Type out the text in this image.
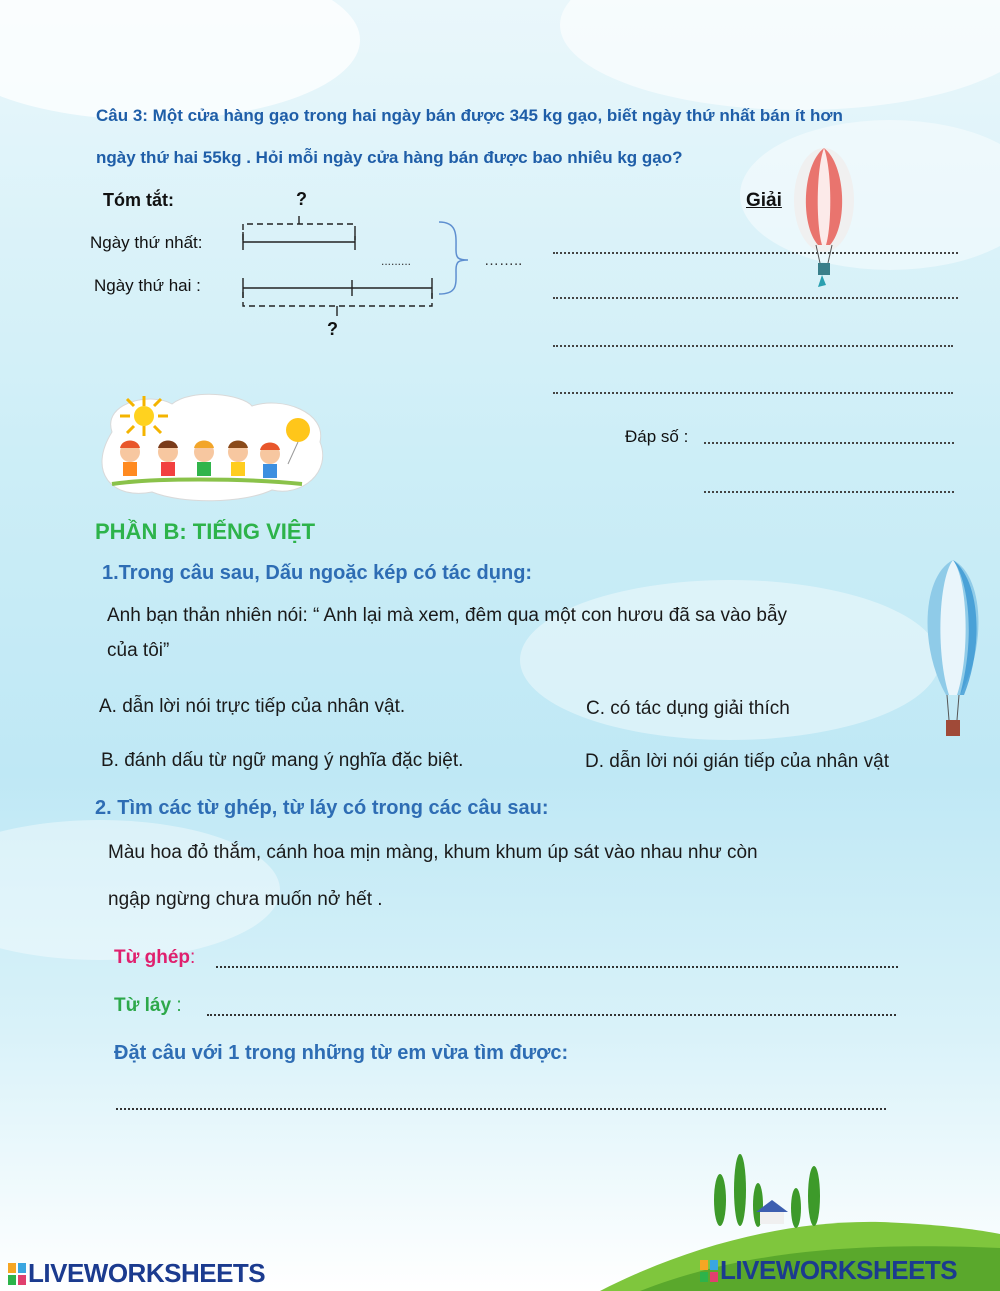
Câu 3: Một cửa hàng gạo trong hai ngày bán được 345 kg gạo, biết ngày thứ nhất bán ít hơn
ngày thứ hai 55kg . Hỏi mỗi ngày cửa hàng bán được bao nhiêu kg gạo?
Tóm tắt:	Giải
?
Ngày thứ nhất:
Ngày thứ hai :
?
.........	……..
Đáp số :
PHẦN B: TIẾNG VIỆT
1.Trong câu sau, Dấu ngoặc kép có tác dụng:
Anh bạn thản nhiên nói: “ Anh lại mà xem, đêm qua một con hươu đã sa vào bẫy
của tôi”
A. dẫn lời nói trực tiếp của nhân vật.	C. có tác dụng giải thích
B. đánh dấu từ ngữ mang ý nghĩa đặc biệt.	D. dẫn lời nói gián tiếp của nhân vật
2. Tìm các từ ghép, từ láy có trong các câu sau:
Màu hoa đỏ thắm, cánh hoa mịn màng, khum khum úp sát vào nhau như còn
ngập ngừng chưa muốn nở hết .
Từ ghép:
Từ láy :
Đặt câu với 1 trong những từ em vừa tìm được:
LIVEWORKSHEETS	LIVEWORKSHEETS
